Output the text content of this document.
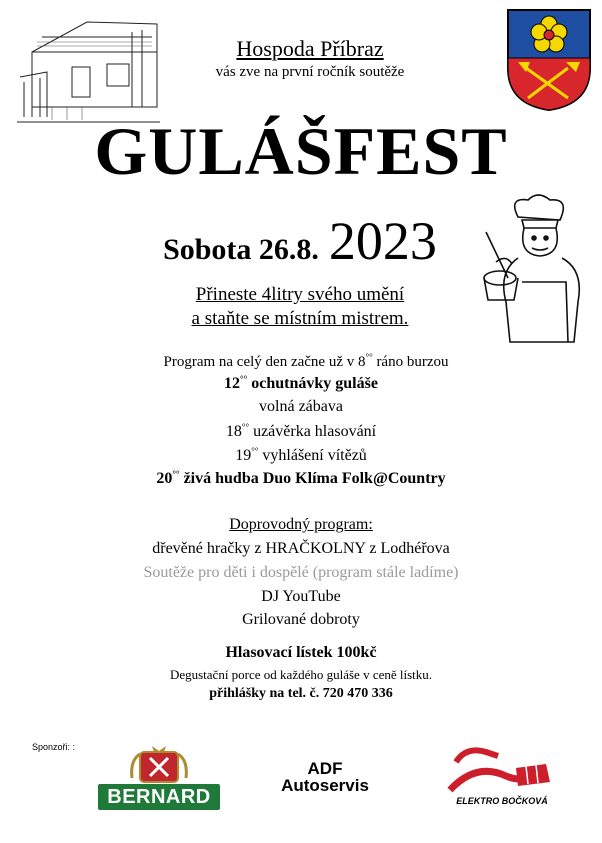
Hospoda Příbraz
vás zve na první ročník soutěže
GULÁŠFEST
Sobota 26.8. 2023
Přineste 4litry svého umění
a staňte se místním mistrem.
Program na celý den začne už v 8°° ráno burzou
12°° ochutnávky guláše
volná zábava
18°° uzávěrka hlasování
19°° vyhlášení vítězů
20°° živá hudba Duo Klíma Folk@Country
Doprovodný program:
dřevěné hračky z HRAČKOLNY z Lodhéřova
Soutěže pro děti i dospělé (program stále ladíme)
DJ YouTube
Grilované dobroty
Hlasovací lístek 100kč
Degustační porce od každého guláše v ceně lístku.
přihlášky na tel. č. 720 470 336
Sponzoři: :
BERNARD
ADF
Autoservis
ELEKTRO BOČKOVÁ
